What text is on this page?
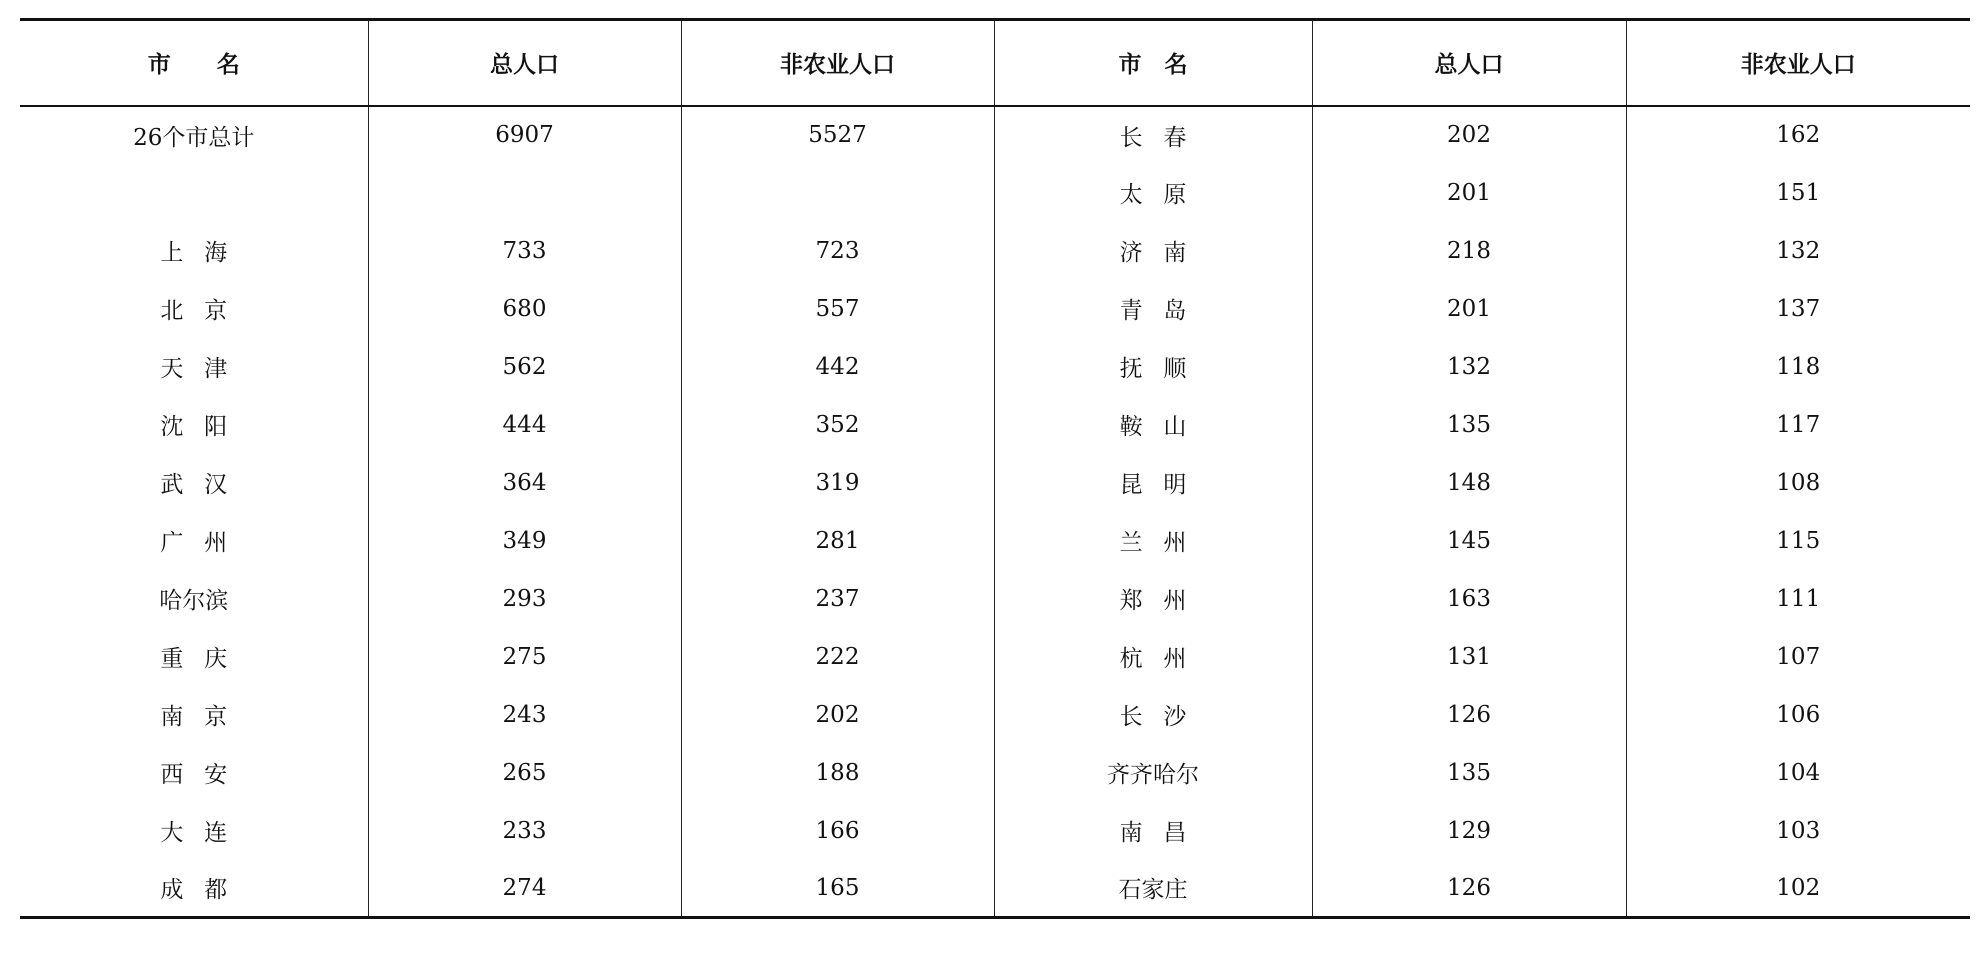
市　　名	总人口	非农业人口	市　名	总人口	非农业人口
26个市总计	6907	5527	长春	202	162
			太原	201	151
上海	733	723	济南	218	132
北京	680	557	青岛	201	137
天津	562	442	抚顺	132	118
沈阳	444	352	鞍山	135	117
武汉	364	319	昆明	148	108
广州	349	281	兰州	145	115
哈尔滨	293	237	郑州	163	111
重庆	275	222	杭州	131	107
南京	243	202	长沙	126	106
西安	265	188	齐齐哈尔	135	104
大连	233	166	南昌	129	103
成都	274	165	石家庄	126	102
